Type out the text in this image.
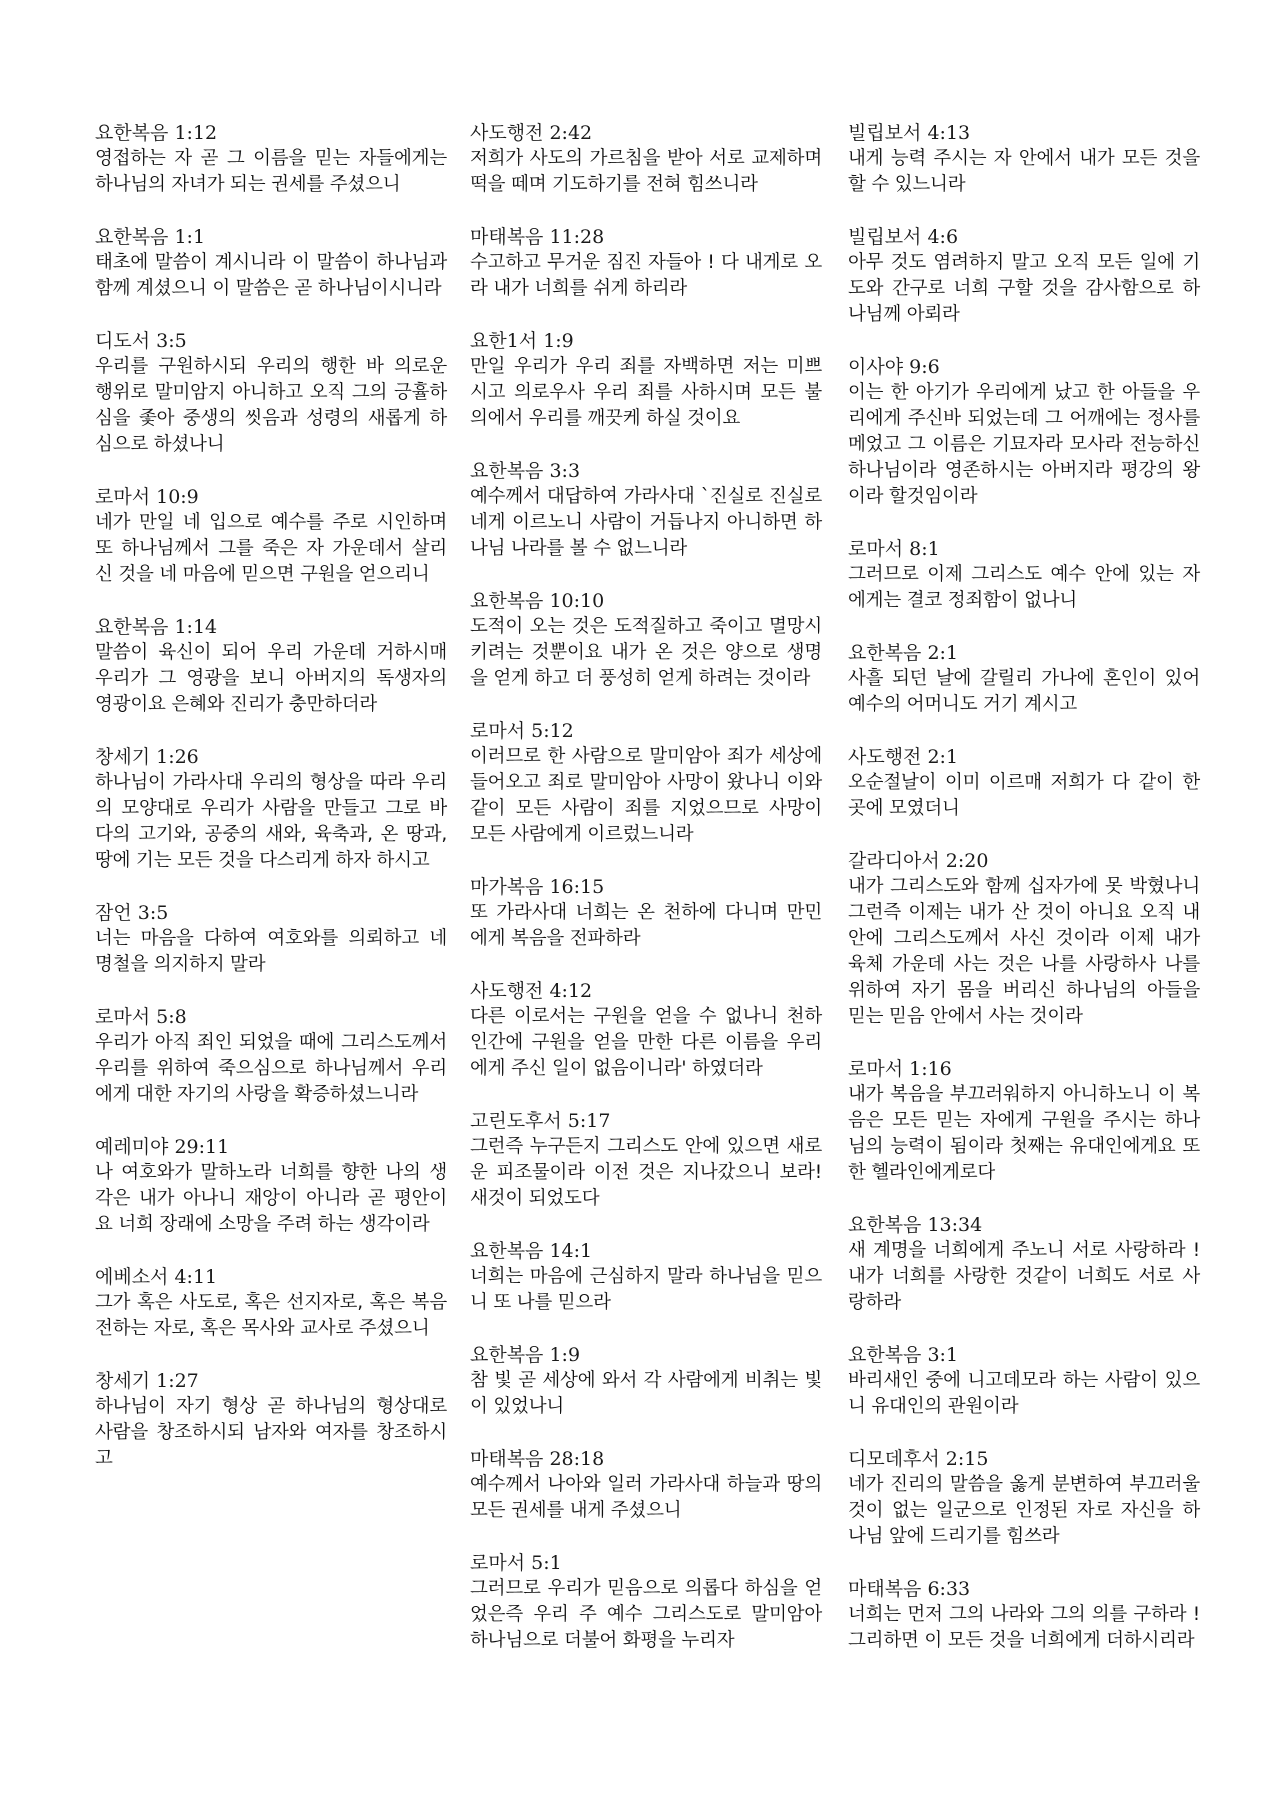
요한복음 1:12
영접하는 자 곧 그 이름을 믿는 자들에게는 하나님의 자녀가 되는 권세를 주셨으니
요한복음 1:1
태초에 말씀이 계시니라 이 말씀이 하나님과 함께 계셨으니 이 말씀은 곧 하나님이시니라
디도서 3:5
우리를 구원하시되 우리의 행한 바 의로운 행위로 말미암지 아니하고 오직 그의 긍휼하심을 좇아 중생의 씻음과 성령의 새롭게 하심으로 하셨나니
로마서 10:9
네가 만일 네 입으로 예수를 주로 시인하며 또 하나님께서 그를 죽은 자 가운데서 살리신 것을 네 마음에 믿으면 구원을 얻으리니
요한복음 1:14
말씀이 육신이 되어 우리 가운데 거하시매 우리가 그 영광을 보니 아버지의 독생자의 영광이요 은혜와 진리가 충만하더라
창세기 1:26
하나님이 가라사대 우리의 형상을 따라 우리의 모양대로 우리가 사람을 만들고 그로 바다의 고기와, 공중의 새와, 육축과, 온 땅과, 땅에 기는 모든 것을 다스리게 하자 하시고
잠언 3:5
너는 마음을 다하여 여호와를 의뢰하고 네 명철을 의지하지 말라
로마서 5:8
우리가 아직 죄인 되었을 때에 그리스도께서 우리를 위하여 죽으심으로 하나님께서 우리에게 대한 자기의 사랑을 확증하셨느니라
예레미야 29:11
나 여호와가 말하노라 너희를 향한 나의 생각은 내가 아나니 재앙이 아니라 곧 평안이요 너희 장래에 소망을 주려 하는 생각이라
에베소서 4:11
그가 혹은 사도로, 혹은 선지자로, 혹은 복음 전하는 자로, 혹은 목사와 교사로 주셨으니
창세기 1:27
하나님이 자기 형상 곧 하나님의 형상대로 사람을 창조하시되 남자와 여자를 창조하시고
사도행전 2:42
저희가 사도의 가르침을 받아 서로 교제하며 떡을 떼며 기도하기를 전혀 힘쓰니라
마태복음 11:28
수고하고 무거운 짐진 자들아 ! 다 내게로 오라 내가 너희를 쉬게 하리라
요한1서 1:9
만일 우리가 우리 죄를 자백하면 저는 미쁘시고 의로우사 우리 죄를 사하시며 모든 불의에서 우리를 깨끗케 하실 것이요
요한복음 3:3
예수께서 대답하여 가라사대 `진실로 진실로 네게 이르노니 사람이 거듭나지 아니하면 하나님 나라를 볼 수 없느니라
요한복음 10:10
도적이 오는 것은 도적질하고 죽이고 멸망시키려는 것뿐이요 내가 온 것은 양으로 생명을 얻게 하고 더 풍성히 얻게 하려는 것이라
로마서 5:12
이러므로 한 사람으로 말미암아 죄가 세상에 들어오고 죄로 말미암아 사망이 왔나니 이와 같이 모든 사람이 죄를 지었으므로 사망이 모든 사람에게 이르렀느니라
마가복음 16:15
또 가라사대 너희는 온 천하에 다니며 만민에게 복음을 전파하라
사도행전 4:12
다른 이로서는 구원을 얻을 수 없나니 천하 인간에 구원을 얻을 만한 다른 이름을 우리에게 주신 일이 없음이니라' 하였더라
고린도후서 5:17
그런즉 누구든지 그리스도 안에 있으면 새로운 피조물이라 이전 것은 지나갔으니 보라! 새것이 되었도다
요한복음 14:1
너희는 마음에 근심하지 말라 하나님을 믿으니 또 나를 믿으라
요한복음 1:9
참 빛 곧 세상에 와서 각 사람에게 비취는 빛이 있었나니
마태복음 28:18
예수께서 나아와 일러 가라사대 하늘과 땅의 모든 권세를 내게 주셨으니
로마서 5:1
그러므로 우리가 믿음으로 의롭다 하심을 얻었은즉 우리 주 예수 그리스도로 말미암아 하나님으로 더불어 화평을 누리자
빌립보서 4:13
내게 능력 주시는 자 안에서 내가 모든 것을 할 수 있느니라
빌립보서 4:6
아무 것도 염려하지 말고 오직 모든 일에 기도와 간구로 너희 구할 것을 감사함으로 하나님께 아뢰라
이사야 9:6
이는 한 아기가 우리에게 났고 한 아들을 우리에게 주신바 되었는데 그 어깨에는 정사를 메었고 그 이름은 기묘자라 모사라 전능하신 하나님이라 영존하시는 아버지라 평강의 왕이라 할것임이라
로마서 8:1
그러므로 이제 그리스도 예수 안에 있는 자에게는 결코 정죄함이 없나니
요한복음 2:1
사흘 되던 날에 갈릴리 가나에 혼인이 있어 예수의 어머니도 거기 계시고
사도행전 2:1
오순절날이 이미 이르매 저희가 다 같이 한 곳에 모였더니
갈라디아서 2:20
내가 그리스도와 함께 십자가에 못 박혔나니 그런즉 이제는 내가 산 것이 아니요 오직 내 안에 그리스도께서 사신 것이라 이제 내가 육체 가운데 사는 것은 나를 사랑하사 나를 위하여 자기 몸을 버리신 하나님의 아들을 믿는 믿음 안에서 사는 것이라
로마서 1:16
내가 복음을 부끄러워하지 아니하노니 이 복음은 모든 믿는 자에게 구원을 주시는 하나님의 능력이 됨이라 첫째는 유대인에게요 또한 헬라인에게로다
요한복음 13:34
새 계명을 너희에게 주노니 서로 사랑하라 ! 내가 너희를 사랑한 것같이 너희도 서로 사랑하라
요한복음 3:1
바리새인 중에 니고데모라 하는 사람이 있으니 유대인의 관원이라
디모데후서 2:15
네가 진리의 말씀을 옳게 분변하여 부끄러울 것이 없는 일군으로 인정된 자로 자신을 하나님 앞에 드리기를 힘쓰라
마태복음 6:33
너희는 먼저 그의 나라와 그의 의를 구하라 ! 그리하면 이 모든 것을 너희에게 더하시리라
